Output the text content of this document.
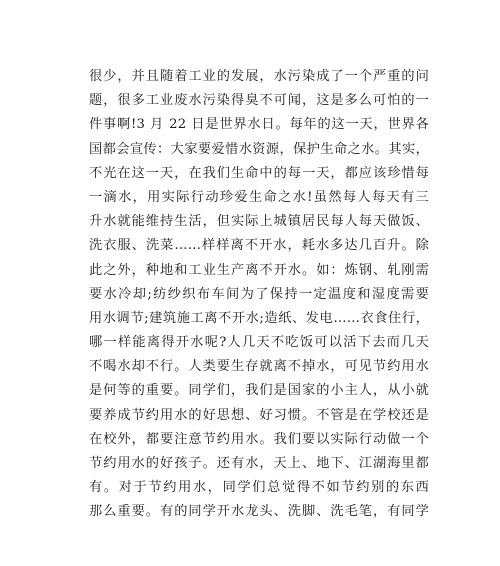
很少，并且随着工业的发展，水污染成了一个严重的问
题，很多工业废水污染得臭不可闻，这是多么可怕的一
件事啊!3 月 22 日是世界水日。每年的这一天，世界各
国都会宣传：大家要爱惜水资源，保护生命之水。其实，
不光在这一天，在我们生命中的每一天，都应该珍惜每
一滴水，用实际行动珍爱生命之水!虽然每人每天有三
升水就能维持生活，但实际上城镇居民每人每天做饭、
洗衣服、洗菜……样样离不开水，耗水多达几百升。除
此之外，种地和工业生产离不开水。如：炼钢、轧刚需
要水冷却;纺纱织布车间为了保持一定温度和湿度需要
用水调节;建筑施工离不开水;造纸、发电……衣食住行，
哪一样能离得开水呢?人几天不吃饭可以活下去而几天
不喝水却不行。人类要生存就离不掉水，可见节约用水
是何等的重要。同学们，我们是国家的小主人，从小就
要养成节约用水的好思想、好习惯。不管是在学校还是
在校外，都要注意节约用水。我们要以实际行动做一个
节约用水的好孩子。还有水，天上、地下、江湖海里都
有。对于节约用水，同学们总觉得不如节约别的东西
那么重要。有的同学开水龙头、洗脚、洗毛笔，有同学
